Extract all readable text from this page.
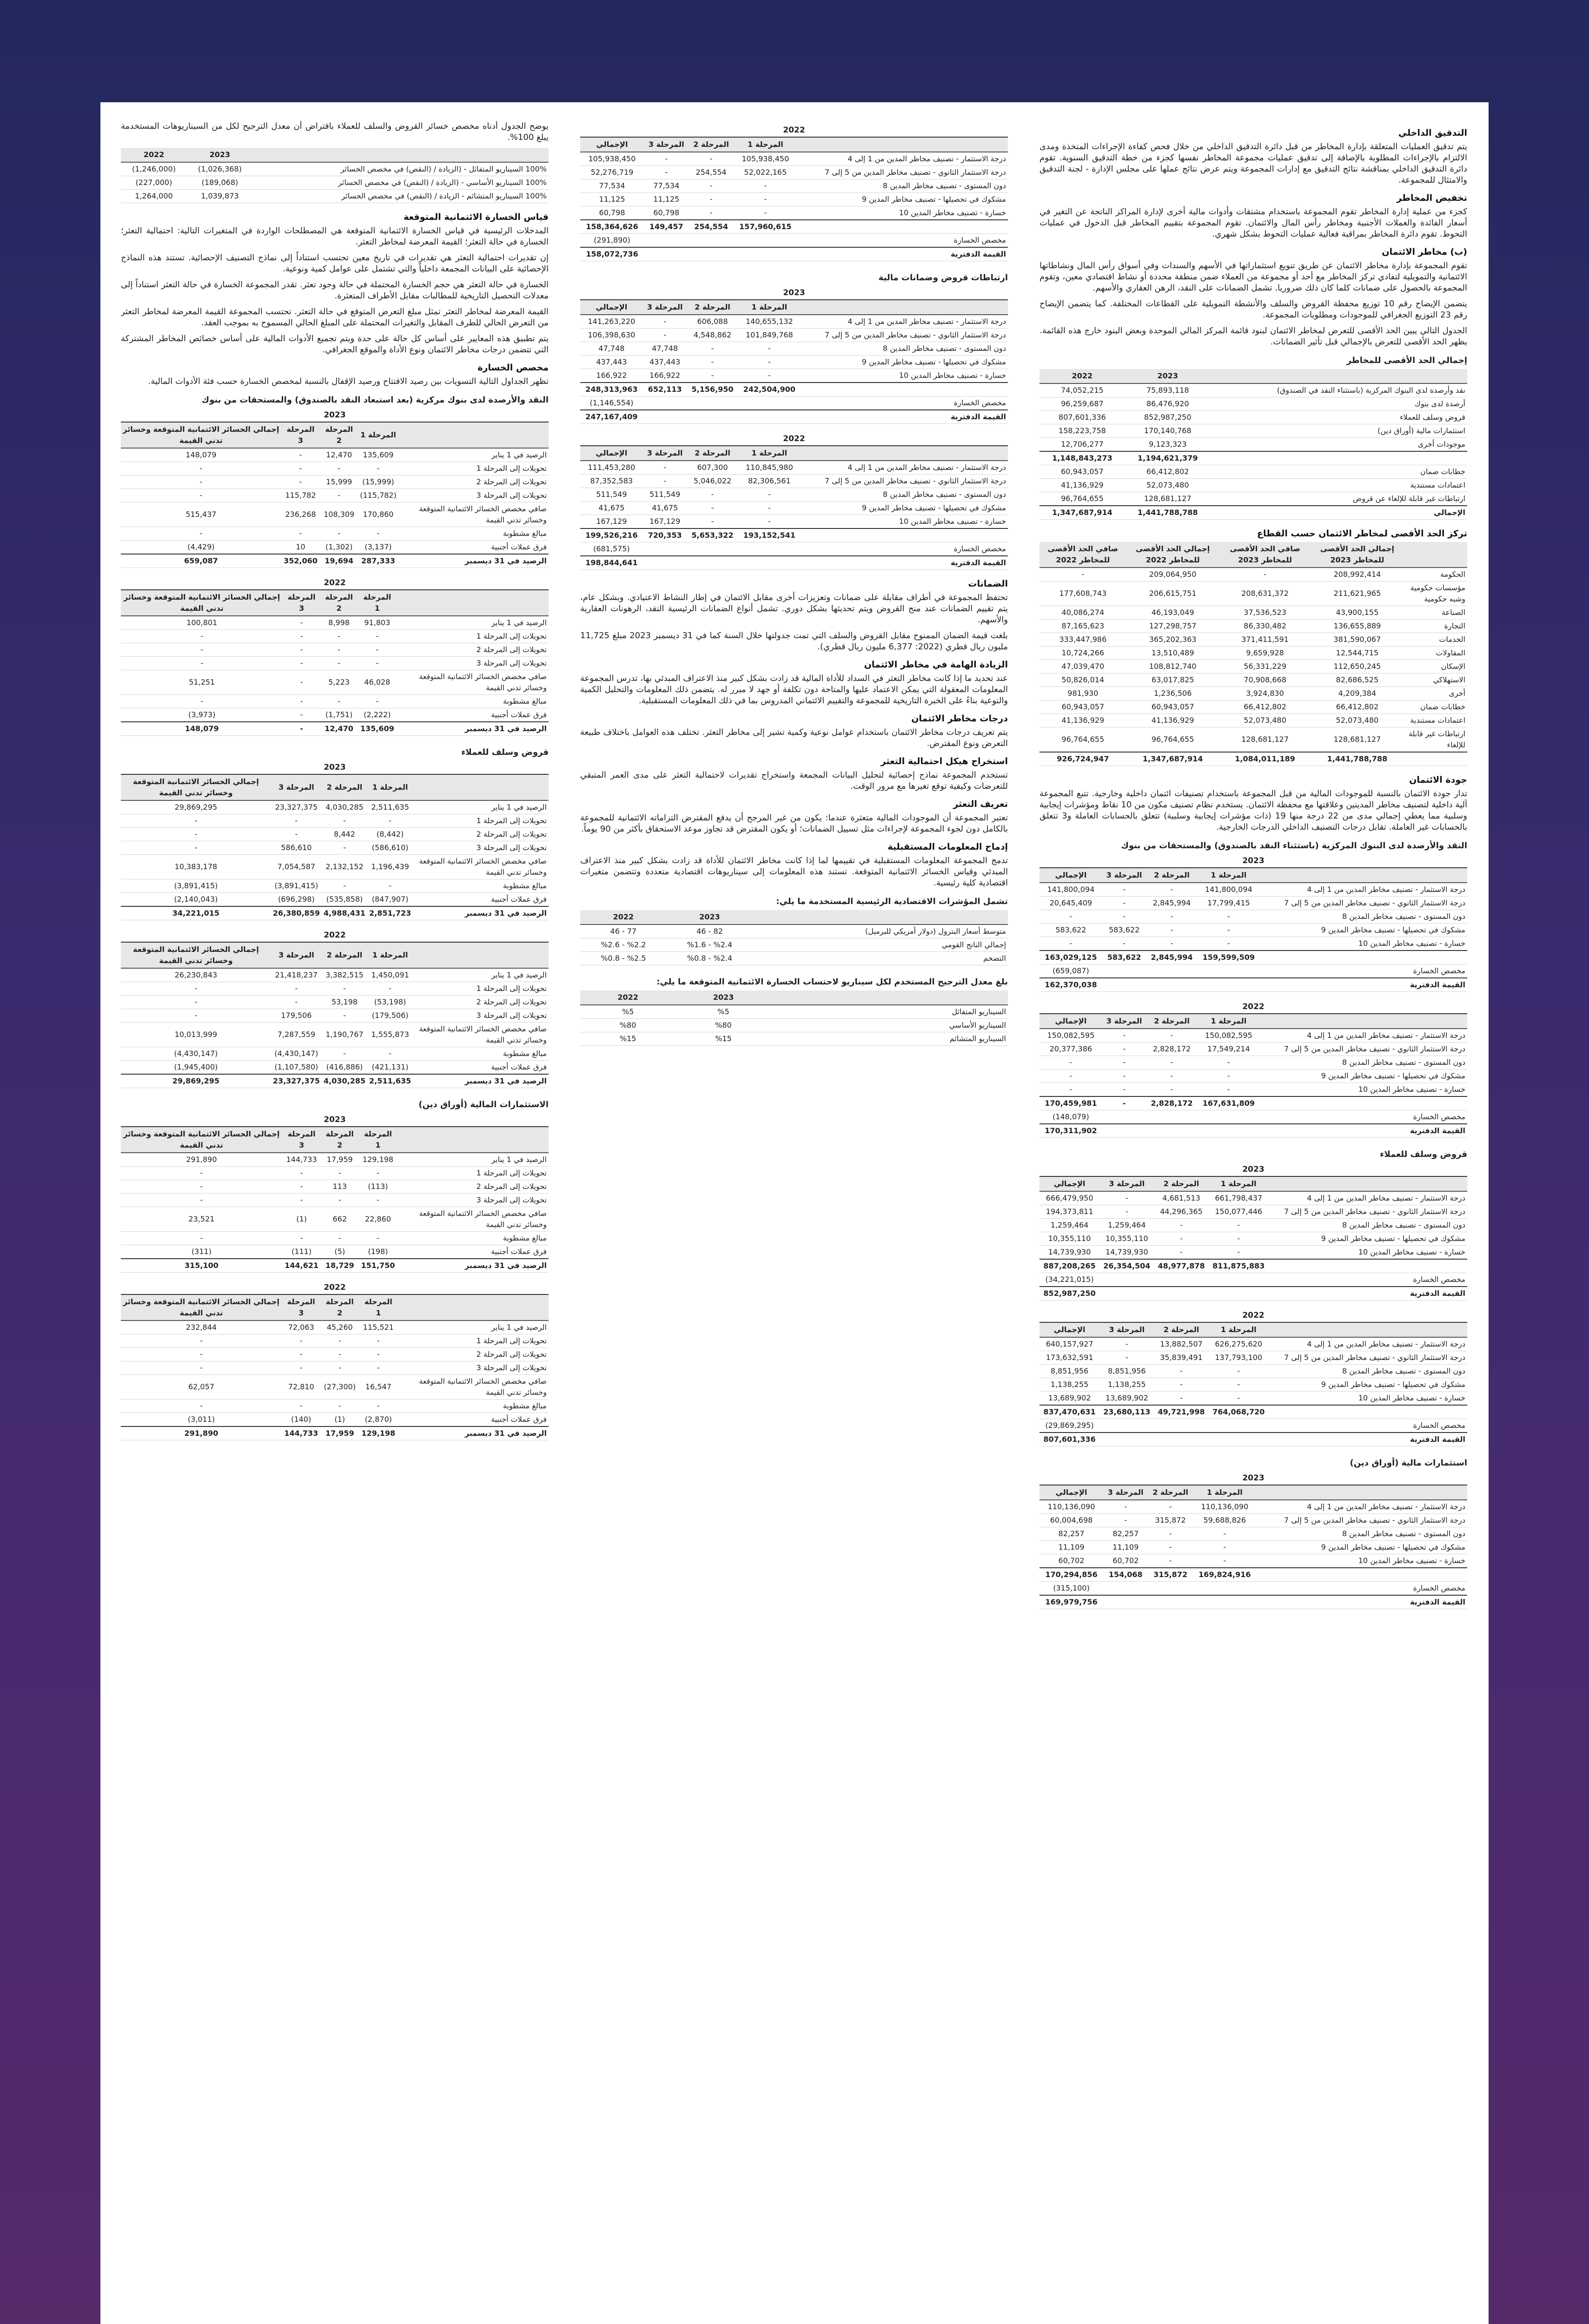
التدقيق الداخلي
يتم تدقيق العمليات المتعلقة بإدارة المخاطر من قبل دائرة التدقيق الداخلي من خلال فحص كفاءة الإجراءات المتخذة ومدى الالتزام بالإجراءات المطلوبة بالإضافة إلى تدقيق عمليات مجموعة المخاطر نفسها كجزء من خطة التدقيق السنوية. تقوم دائرة التدقيق الداخلي بمناقشة نتائج التدقيق مع إدارات المجموعة ويتم عرض نتائج عملها على مجلس الإدارة - لجنة التدقيق والامتثال للمجموعة.
تخفيض المخاطر
كجزء من عملية إدارة المخاطر تقوم المجموعة باستخدام مشتقات وأدوات مالية أخرى لإدارة المراكز الناتجة عن التغير في أسعار الفائدة والعملات الأجنبية ومخاطر رأس المال والائتمان. تقوم المجموعة بتقييم المخاطر قبل الدخول في عمليات التحوط. تقوم دائرة المخاطر بمراقبة فعالية عمليات التحوط بشكل شهري.
(ب) مخاطر الائتمان
تقوم المجموعة بإدارة مخاطر الائتمان عن طريق تنويع استثماراتها في الأسهم والسندات وفي أسواق رأس المال ونشاطاتها الائتمانية والتمويلية لتفادي تركز المخاطر مع أحد أو مجموعة من العملاء ضمن منطقة محددة أو نشاط اقتصادي معين، وتقوم المجموعة بالحصول على ضمانات كلما كان ذلك ضروريا. تشمل الضمانات على النقد، الرهن العقاري والأسهم.
يتضمن الإيضاح رقم 10 توزيع محفظة القروض والسلف والأنشطة التمويلية على القطاعات المختلفة. كما يتضمن الإيضاح رقم 23 التوزيع الجغرافي للموجودات ومطلوبات المجموعة.
الجدول التالي يبين الحد الأقصى للتعرض لمخاطر الائتمان لبنود قائمة المركز المالي الموحدة وبعض البنود خارج هذه القائمة. يظهر الحد الأقصى للتعرض بالإجمالي قبل تأثير الضمانات.
إجمالي الحد الأقصى للمخاطر
	2023	2022
نقد وأرصدة لدى البنوك المركزية (باستثناء النقد في الصندوق)	75,893,118	74,052,215
أرصدة لدى بنوك	86,476,920	96,259,687
قروض وسلف للعملاء	852,987,250	807,601,336
استثمارات مالية (أوراق دين)	170,140,768	158,223,758
موجودات أخرى	9,123,323	12,706,277
	1,194,621,379	1,148,843,273
خطابات ضمان	66,412,802	60,943,057
اعتمادات مستندية	52,073,480	41,136,929
ارتباطات غير قابلة للإلغاء عن قروض	128,681,127	96,764,655
الإجمالي	1,441,788,788	1,347,687,914
تركز الحد الأقصى لمخاطر الائتمان حسب القطاع
	إجمالي الحد الأقصى للمخاطر 2023	صافي الحد الأقصى للمخاطر 2023	إجمالي الحد الأقصى للمخاطر 2022	صافي الحد الأقصى للمخاطر 2022
الحكومة	208,992,414	-	209,064,950	-
مؤسسات حكومية وشبه حكومية	211,621,965	208,631,372	206,615,751	177,608,743
الصناعة	43,900,155	37,536,523	46,193,049	40,086,274
التجارة	136,655,889	86,330,482	127,298,757	87,165,623
الخدمات	381,590,067	371,411,591	365,202,363	333,447,986
المقاولات	12,544,715	9,659,928	13,510,489	10,724,266
الإسكان	112,650,245	56,331,229	108,812,740	47,039,470
الاستهلاكي	82,686,525	70,908,668	63,017,825	50,826,014
أخرى	4,209,384	3,924,830	1,236,506	981,930
خطابات ضمان	66,412,802	66,412,802	60,943,057	60,943,057
اعتمادات مستندية	52,073,480	52,073,480	41,136,929	41,136,929
ارتباطات غير قابلة للإلغاء	128,681,127	128,681,127	96,764,655	96,764,655
	1,441,788,788	1,084,011,189	1,347,687,914	926,724,947
جودة الائتمان
تدار جودة الائتمان بالنسبة للموجودات المالية من قبل المجموعة باستخدام تصنيفات ائتمان داخلية وخارجية. تتبع المجموعة آلية داخلية لتصنيف مخاطر المدينين وعلاقتها مع محفظة الائتمان. يستخدم نظام تصنيف مكون من 10 نقاط ومؤشرات إيجابية وسلبية مما يعطي إجمالي مدى من 22 درجة منها 19 (ذات مؤشرات إيجابية وسلبية) تتعلق بالحسابات العاملة و3 تتعلق بالحسابات غير العاملة. تقابل درجات التصنيف الداخلي الدرجات الخارجية.
النقد والأرصدة لدى البنوك المركزية (باستثناء النقد بالصندوق) والمستحقات من بنوك
2023				
	المرحلة 1	المرحلة 2	المرحلة 3	الإجمالي
درجة الاستثمار - تصنيف مخاطر المدين من 1 إلى 4	141,800,094	-	-	141,800,094
درجة الاستثمار الثانوي - تصنيف مخاطر المدين من 5 إلى 7	17,799,415	2,845,994	-	20,645,409
دون المستوى - تصنيف مخاطر المدين 8	-	-	-	-
مشكوك في تحصيلها - تصنيف مخاطر المدين 9	-	-	583,622	583,622
خسارة - تصنيف مخاطر المدين 10	-	-	-	-
	159,599,509	2,845,994	583,622	163,029,125
مخصص الخسارة				(659,087)
القيمة الدفترية				162,370,038
2022				
	المرحلة 1	المرحلة 2	المرحلة 3	الإجمالي
درجة الاستثمار - تصنيف مخاطر المدين من 1 إلى 4	150,082,595	-	-	150,082,595
درجة الاستثمار الثانوي - تصنيف مخاطر المدين من 5 إلى 7	17,549,214	2,828,172	-	20,377,386
دون المستوى - تصنيف مخاطر المدين 8	-	-	-	-
مشكوك في تحصيلها - تصنيف مخاطر المدين 9	-	-	-	-
خسارة - تصنيف مخاطر المدين 10	-	-	-	-
	167,631,809	2,828,172	-	170,459,981
مخصص الخسارة				(148,079)
القيمة الدفترية				170,311,902
قروض وسلف للعملاء
2023				
	المرحلة 1	المرحلة 2	المرحلة 3	الإجمالي
درجة الاستثمار - تصنيف مخاطر المدين من 1 إلى 4	661,798,437	4,681,513	-	666,479,950
درجة الاستثمار الثانوي - تصنيف مخاطر المدين من 5 إلى 7	150,077,446	44,296,365	-	194,373,811
دون المستوى - تصنيف مخاطر المدين 8	-	-	1,259,464	1,259,464
مشكوك في تحصيلها - تصنيف مخاطر المدين 9	-	-	10,355,110	10,355,110
خسارة - تصنيف مخاطر المدين 10	-	-	14,739,930	14,739,930
	811,875,883	48,977,878	26,354,504	887,208,265
مخصص الخسارة				(34,221,015)
القيمة الدفترية				852,987,250
2022				
	المرحلة 1	المرحلة 2	المرحلة 3	الإجمالي
درجة الاستثمار - تصنيف مخاطر المدين من 1 إلى 4	626,275,620	13,882,507	-	640,157,927
درجة الاستثمار الثانوي - تصنيف مخاطر المدين من 5 إلى 7	137,793,100	35,839,491	-	173,632,591
دون المستوى - تصنيف مخاطر المدين 8	-	-	8,851,956	8,851,956
مشكوك في تحصيلها - تصنيف مخاطر المدين 9	-	-	1,138,255	1,138,255
خسارة - تصنيف مخاطر المدين 10	-	-	13,689,902	13,689,902
	764,068,720	49,721,998	23,680,113	837,470,631
مخصص الخسارة				(29,869,295)
القيمة الدفترية				807,601,336
استثمارات مالية (أوراق دين)
2023				
	المرحلة 1	المرحلة 2	المرحلة 3	الإجمالي
درجة الاستثمار - تصنيف مخاطر المدين من 1 إلى 4	110,136,090	-	-	110,136,090
درجة الاستثمار الثانوي - تصنيف مخاطر المدين من 5 إلى 7	59,688,826	315,872	-	60,004,698
دون المستوى - تصنيف مخاطر المدين 8	-	-	82,257	82,257
مشكوك في تحصيلها - تصنيف مخاطر المدين 9	-	-	11,109	11,109
خسارة - تصنيف مخاطر المدين 10	-	-	60,702	60,702
	169,824,916	315,872	154,068	170,294,856
مخصص الخسارة				(315,100)
القيمة الدفترية				169,979,756
2022				
	المرحلة 1	المرحلة 2	المرحلة 3	الإجمالي
درجة الاستثمار - تصنيف مخاطر المدين من 1 إلى 4	105,938,450	-	-	105,938,450
درجة الاستثمار الثانوي - تصنيف مخاطر المدين من 5 إلى 7	52,022,165	254,554	-	52,276,719
دون المستوى - تصنيف مخاطر المدين 8	-	-	77,534	77,534
مشكوك في تحصيلها - تصنيف مخاطر المدين 9	-	-	11,125	11,125
خسارة - تصنيف مخاطر المدين 10	-	-	60,798	60,798
	157,960,615	254,554	149,457	158,364,626
مخصص الخسارة				(291,890)
القيمة الدفترية				158,072,736
ارتباطات قروض وضمانات مالية
2023				
	المرحلة 1	المرحلة 2	المرحلة 3	الإجمالي
درجة الاستثمار - تصنيف مخاطر المدين من 1 إلى 4	140,655,132	606,088	-	141,263,220
درجة الاستثمار الثانوي - تصنيف مخاطر المدين من 5 إلى 7	101,849,768	4,548,862	-	106,398,630
دون المستوى - تصنيف مخاطر المدين 8	-	-	47,748	47,748
مشكوك في تحصيلها - تصنيف مخاطر المدين 9	-	-	437,443	437,443
خسارة - تصنيف مخاطر المدين 10	-	-	166,922	166,922
	242,504,900	5,156,950	652,113	248,313,963
مخصص الخسارة				(1,146,554)
القيمة الدفترية				247,167,409
2022				
	المرحلة 1	المرحلة 2	المرحلة 3	الإجمالي
درجة الاستثمار - تصنيف مخاطر المدين من 1 إلى 4	110,845,980	607,300	-	111,453,280
درجة الاستثمار الثانوي - تصنيف مخاطر المدين من 5 إلى 7	82,306,561	5,046,022	-	87,352,583
دون المستوى - تصنيف مخاطر المدين 8	-	-	511,549	511,549
مشكوك في تحصيلها - تصنيف مخاطر المدين 9	-	-	41,675	41,675
خسارة - تصنيف مخاطر المدين 10	-	-	167,129	167,129
	193,152,541	5,653,322	720,353	199,526,216
مخصص الخسارة				(681,575)
القيمة الدفترية				198,844,641
الضمانات
تحتفظ المجموعة في أطراف مقابلة على ضمانات وتعزيزات أخرى مقابل الائتمان في إطار النشاط الاعتيادي. وبشكل عام، يتم تقييم الضمانات عند منح القروض ويتم تحديثها بشكل دوري. تشمل أنواع الضمانات الرئيسية النقد، الرهونات العقارية والأسهم.
بلغت قيمة الضمان الممنوح مقابل القروض والسلف التي تمت جدولتها خلال السنة كما في 31 ديسمبر 2023 مبلغ 11,725 مليون ريال قطري (2022: 6,377 مليون ريال قطري).
الزيادة الهامة في مخاطر الائتمان
عند تحديد ما إذا كانت مخاطر التعثر في السداد للأداة المالية قد زادت بشكل كبير منذ الاعتراف المبدئي بها، تدرس المجموعة المعلومات المعقولة التي يمكن الاعتماد عليها والمتاحة دون تكلفة أو جهد لا مبرر له. يتضمن ذلك المعلومات والتحليل الكمية والنوعية بناءً على الخبرة التاريخية للمجموعة والتقييم الائتماني المدروس بما في ذلك المعلومات المستقبلية.
درجات مخاطر الائتمان
يتم تعريف درجات مخاطر الائتمان باستخدام عوامل نوعية وكمية تشير إلى مخاطر التعثر. تختلف هذه العوامل باختلاف طبيعة التعرض ونوع المقترض.
استخراج هيكل احتمالية التعثر
تستخدم المجموعة نماذج إحصائية لتحليل البيانات المجمعة واستخراج تقديرات لاحتمالية التعثر على مدى العمر المتبقي للتعرضات وكيفية توقع تغيرها مع مرور الوقت.
تعريف التعثر
تعتبر المجموعة أن الموجودات المالية متعثرة عندما: يكون من غير المرجح أن يدفع المقترض التزاماته الائتمانية للمجموعة بالكامل دون لجوء المجموعة لإجراءات مثل تسييل الضمانات؛ أو يكون المقترض قد تجاوز موعد الاستحقاق بأكثر من 90 يوماً.
إدماج المعلومات المستقبلية
تدمج المجموعة المعلومات المستقبلية في تقييمها لما إذا كانت مخاطر الائتمان للأداة قد زادت بشكل كبير منذ الاعتراف المبدئي وقياس الخسائر الائتمانية المتوقعة. تستند هذه المعلومات إلى سيناريوهات اقتصادية متعددة وتتضمن متغيرات اقتصادية كلية رئيسية.
تشمل المؤشرات الاقتصادية الرئيسية المستخدمة ما يلي:
	2023	2022
متوسط أسعار البترول (دولار أمريكي للبرميل)	82 - 46	77 - 46
إجمالي الناتج القومي	%2.4 - %1.6	%2.2 - %2.6
التضخم	%2.4 - %0.8	%2.5 - %0.8
بلغ معدل الترجيح المستخدم لكل سيناريو لاحتساب الخسارة الائتمانية المتوقعة ما يلي:
	2023	2022
السيناريو المتفائل	%5	%5
السيناريو الأساسي	%80	%80
السيناريو المتشائم	%15	%15
يوضح الجدول أدناه مخصص خسائر القروض والسلف للعملاء بافتراض أن معدل الترجيح لكل من السيناريوهات المستخدمة يبلغ 100%.
	2023	2022
100% السيناريو المتفائل - (الزيادة / (النقص) في مخصص الخسائر	(1,026,368)	(1,246,000)
100% السيناريو الأساسي - (الزيادة / (النقص) في مخصص الخسائر	(189,068)	(227,000)
100% السيناريو المتشائم - الزيادة / (النقص) في مخصص الخسائر	1,039,873	1,264,000
قياس الخسارة الائتمانية المتوقعة
المدخلات الرئيسية في قياس الخسارة الائتمانية المتوقعة هي المصطلحات الواردة في المتغيرات التالية: احتمالية التعثر؛ الخسارة في حالة التعثر؛ القيمة المعرضة لمخاطر التعثر.
إن تقديرات احتمالية التعثر هي تقديرات في تاريخ معين تحتسب استناداً إلى نماذج التصنيف الإحصائية. تستند هذه النماذج الإحصائية على البيانات المجمعة داخلياً والتي تشتمل على عوامل كمية ونوعية.
الخسارة في حالة التعثر هي حجم الخسارة المحتملة في حالة وجود تعثر. تقدر المجموعة الخسارة في حالة التعثر استناداً إلى معدلات التحصيل التاريخية للمطالبات مقابل الأطراف المتعثرة.
القيمة المعرضة لمخاطر التعثر تمثل مبلغ التعرض المتوقع في حالة التعثر. تحتسب المجموعة القيمة المعرضة لمخاطر التعثر من التعرض الحالي للطرف المقابل والتغيرات المحتملة على المبلغ الحالي المسموح به بموجب العقد.
يتم تطبيق هذه المعايير على أساس كل حالة على حدة ويتم تجميع الأدوات المالية على أساس خصائص المخاطر المشتركة التي تتضمن درجات مخاطر الائتمان ونوع الأداة والموقع الجغرافي.
مخصص الخسارة
تظهر الجداول التالية التسويات بين رصيد الافتتاح ورصيد الإقفال بالنسبة لمخصص الخسارة حسب فئة الأدوات المالية.
النقد والأرصدة لدى بنوك مركزية (بعد استبعاد النقد بالصندوق) والمستحقات من بنوك
2023				
	المرحلة 1	المرحلة 2	المرحلة 3	إجمالي الخسائر الائتمانية المتوقعة وخسائر تدني القيمة
الرصيد في 1 يناير	135,609	12,470	-	148,079
تحويلات إلى المرحلة 1	-	-	-	-
تحويلات إلى المرحلة 2	(15,999)	15,999	-	-
تحويلات إلى المرحلة 3	(115,782)	-	115,782	-
صافي مخصص الخسائر الائتمانية المتوقعة وخسائر تدني القيمة	170,860	108,309	236,268	515,437
مبالغ مشطوبة	-	-	-	-
فرق عملات أجنبية	(3,137)	(1,302)	10	(4,429)
الرصيد في 31 ديسمبر	287,333	19,694	352,060	659,087
2022				
	المرحلة 1	المرحلة 2	المرحلة 3	إجمالي الخسائر الائتمانية المتوقعة وخسائر تدني القيمة
الرصيد في 1 يناير	91,803	8,998	-	100,801
تحويلات إلى المرحلة 1	-	-	-	-
تحويلات إلى المرحلة 2	-	-	-	-
تحويلات إلى المرحلة 3	-	-	-	-
صافي مخصص الخسائر الائتمانية المتوقعة وخسائر تدني القيمة	46,028	5,223	-	51,251
مبالغ مشطوبة	-	-	-	-
فرق عملات أجنبية	(2,222)	(1,751)	-	(3,973)
الرصيد في 31 ديسمبر	135,609	12,470	-	148,079
قروض وسلف للعملاء
2023				
	المرحلة 1	المرحلة 2	المرحلة 3	إجمالي الخسائر الائتمانية المتوقعة وخسائر تدني القيمة
الرصيد في 1 يناير	2,511,635	4,030,285	23,327,375	29,869,295
تحويلات إلى المرحلة 1	-	-	-	-
تحويلات إلى المرحلة 2	(8,442)	8,442	-	-
تحويلات إلى المرحلة 3	(586,610)	-	586,610	-
صافي مخصص الخسائر الائتمانية المتوقعة وخسائر تدني القيمة	1,196,439	2,132,152	7,054,587	10,383,178
مبالغ مشطوبة	-	-	(3,891,415)	(3,891,415)
فرق عملات أجنبية	(847,907)	(535,858)	(696,298)	(2,140,043)
الرصيد في 31 ديسمبر	2,851,723	4,988,431	26,380,859	34,221,015
2022				
	المرحلة 1	المرحلة 2	المرحلة 3	إجمالي الخسائر الائتمانية المتوقعة وخسائر تدني القيمة
الرصيد في 1 يناير	1,450,091	3,382,515	21,418,237	26,230,843
تحويلات إلى المرحلة 1	-	-	-	-
تحويلات إلى المرحلة 2	(53,198)	53,198	-	-
تحويلات إلى المرحلة 3	(179,506)	-	179,506	-
صافي مخصص الخسائر الائتمانية المتوقعة وخسائر تدني القيمة	1,555,873	1,190,767	7,287,559	10,013,999
مبالغ مشطوبة	-	-	(4,430,147)	(4,430,147)
فرق عملات أجنبية	(421,131)	(416,886)	(1,107,580)	(1,945,400)
الرصيد في 31 ديسمبر	2,511,635	4,030,285	23,327,375	29,869,295
الاستثمارات المالية (أوراق دين)
2023				
	المرحلة 1	المرحلة 2	المرحلة 3	إجمالي الخسائر الائتمانية المتوقعة وخسائر تدني القيمة
الرصيد في 1 يناير	129,198	17,959	144,733	291,890
تحويلات إلى المرحلة 1	-	-	-	-
تحويلات إلى المرحلة 2	(113)	113	-	-
تحويلات إلى المرحلة 3	-	-	-	-
صافي مخصص الخسائر الائتمانية المتوقعة وخسائر تدني القيمة	22,860	662	(1)	23,521
مبالغ مشطوبة	-	-	-	-
فرق عملات أجنبية	(198)	(5)	(111)	(311)
الرصيد في 31 ديسمبر	151,750	18,729	144,621	315,100
2022				
	المرحلة 1	المرحلة 2	المرحلة 3	إجمالي الخسائر الائتمانية المتوقعة وخسائر تدني القيمة
الرصيد في 1 يناير	115,521	45,260	72,063	232,844
تحويلات إلى المرحلة 1	-	-	-	-
تحويلات إلى المرحلة 2	-	-	-	-
تحويلات إلى المرحلة 3	-	-	-	-
صافي مخصص الخسائر الائتمانية المتوقعة وخسائر تدني القيمة	16,547	(27,300)	72,810	62,057
مبالغ مشطوبة	-	-	-	-
فرق عملات أجنبية	(2,870)	(1)	(140)	(3,011)
الرصيد في 31 ديسمبر	129,198	17,959	144,733	291,890
